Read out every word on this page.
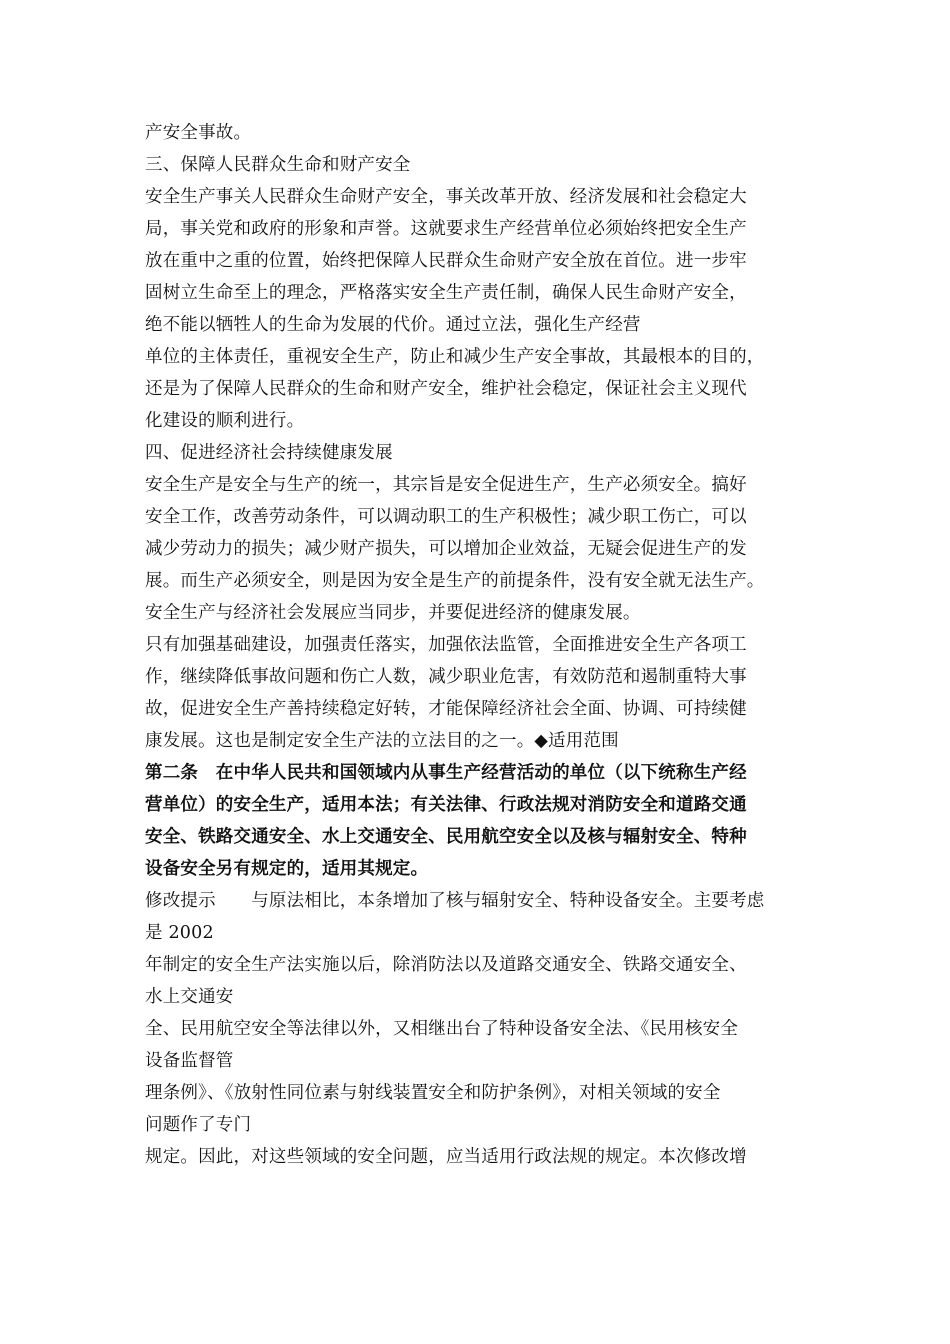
产安全事故。
三、保障人民群众生命和财产安全
安全生产事关人民群众生命财产安全，事关改革开放、经济发展和社会稳定大
局，事关党和政府的形象和声誉。这就要求生产经营单位必须始终把安全生产
放在重中之重的位置，始终把保障人民群众生命财产安全放在首位。进一步牢
固树立生命至上的理念，严格落实安全生产责任制，确保人民生命财产安全，
绝不能以牺牲人的生命为发展的代价。通过立法，强化生产经营
单位的主体责任，重视安全生产，防止和减少生产安全事故，其最根本的目的，
还是为了保障人民群众的生命和财产安全，维护社会稳定，保证社会主义现代
化建设的顺利进行。
四、促进经济社会持续健康发展
安全生产是安全与生产的统一，其宗旨是安全促进生产，生产必须安全。搞好
安全工作，改善劳动条件，可以调动职工的生产积极性；减少职工伤亡，可以
减少劳动力的损失；减少财产损失，可以增加企业效益，无疑会促进生产的发
展。而生产必须安全，则是因为安全是生产的前提条件，没有安全就无法生产。
安全生产与经济社会发展应当同步，并要促进经济的健康发展。
只有加强基础建设，加强责任落实，加强依法监管，全面推进安全生产各项工
作，继续降低事故问题和伤亡人数，减少职业危害，有效防范和遏制重特大事
故，促进安全生产善持续稳定好转，才能保障经济社会全面、协调、可持续健
康发展。这也是制定安全生产法的立法目的之一。◆适用范围
第二条　在中华人民共和国领域内从事生产经营活动的单位（以下统称生产经
营单位）的安全生产，适用本法；有关法律、行政法规对消防安全和道路交通
安全、铁路交通安全、水上交通安全、民用航空安全以及核与辐射安全、特种
设备安全另有规定的，适用其规定。
修改提示　　与原法相比，本条增加了核与辐射安全、特种设备安全。主要考虑
是 2002
年制定的安全生产法实施以后，除消防法以及道路交通安全、铁路交通安全、
水上交通安
全、民用航空安全等法律以外，又相继出台了特种设备安全法、《民用核安全
设备监督管
理条例》、《放射性同位素与射线装置安全和防护条例》，对相关领域的安全
问题作了专门
规定。因此，对这些领域的安全问题，应当适用行政法规的规定。本次修改增
